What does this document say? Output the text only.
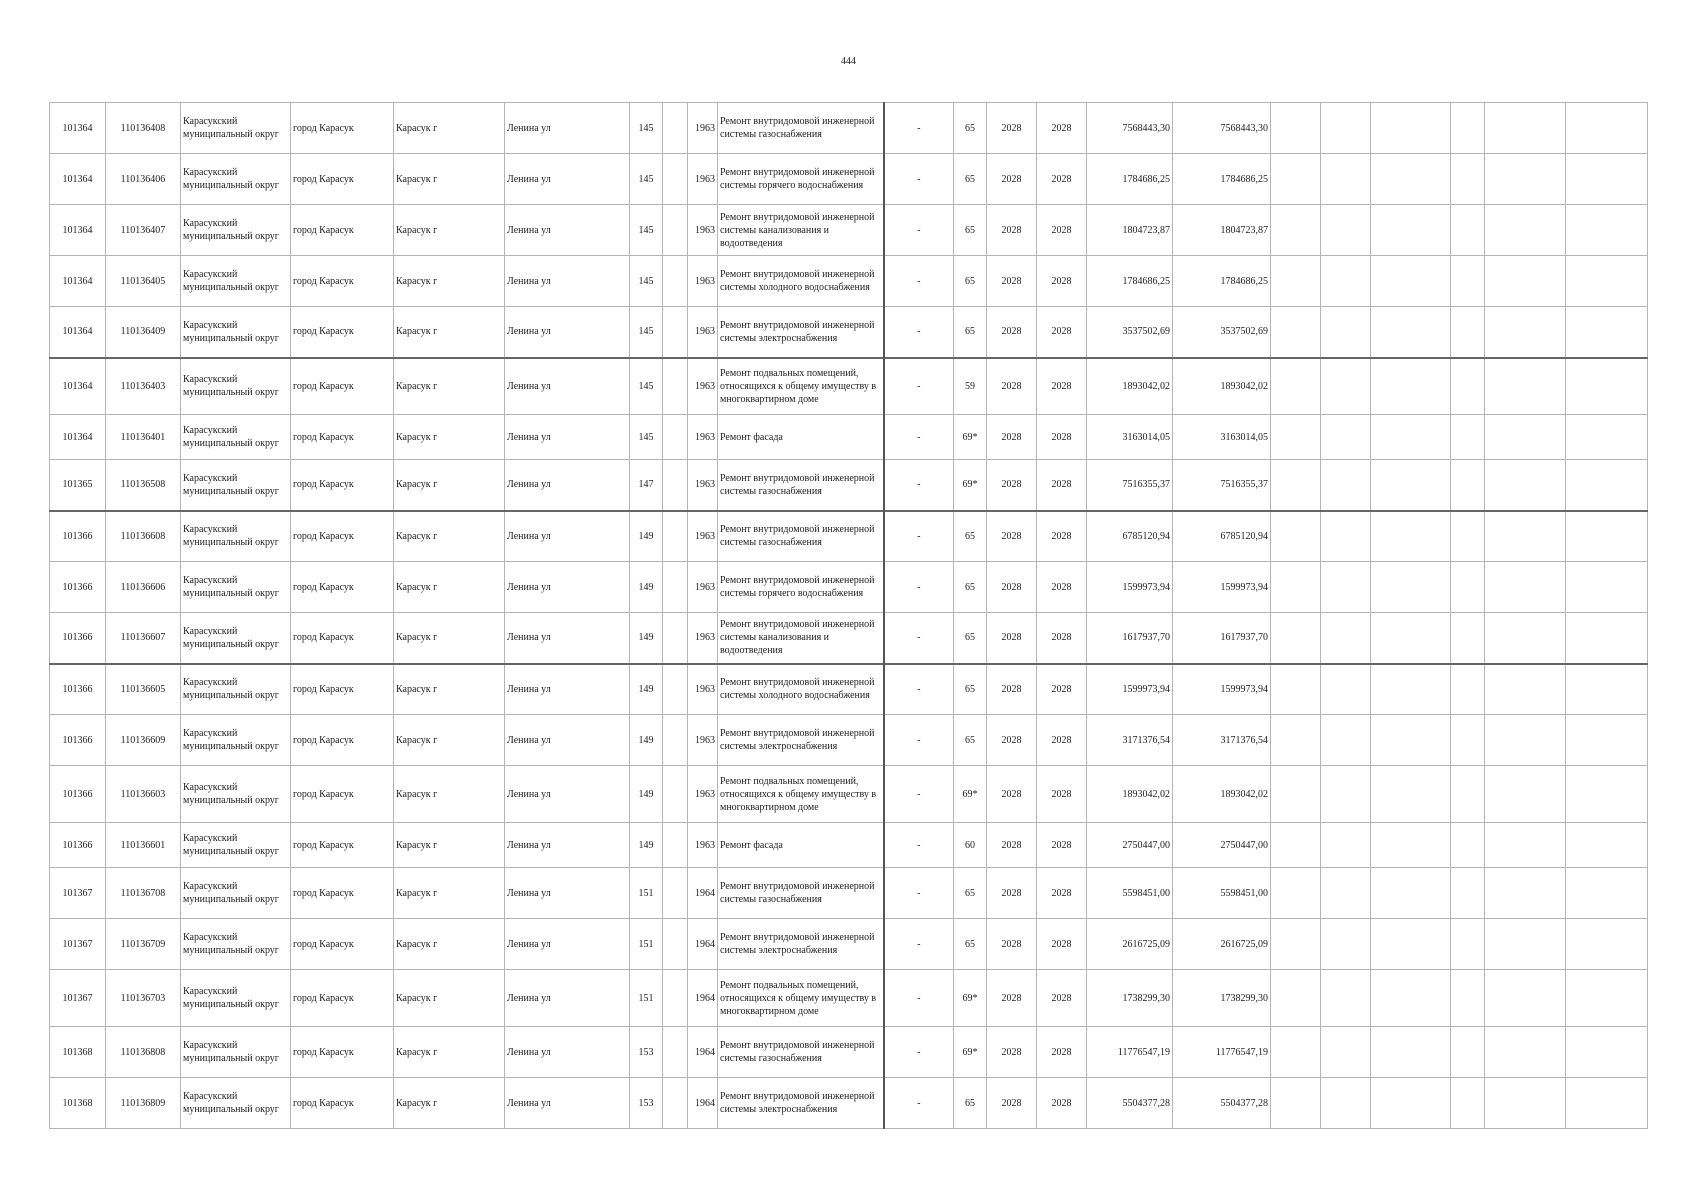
444
101364	110136408	Карасукский муниципальный округ	город Карасук	Карасук г	Ленина ул	145		1963	Ремонт внутридомовой инженерной системы газоснабжения	-	65	2028	2028	7568443,30	7568443,30						
101364	110136406	Карасукский муниципальный округ	город Карасук	Карасук г	Ленина ул	145		1963	Ремонт внутридомовой инженерной системы горячего водоснабжения	-	65	2028	2028	1784686,25	1784686,25						
101364	110136407	Карасукский муниципальный округ	город Карасук	Карасук г	Ленина ул	145		1963	Ремонт внутридомовой инженерной системы канализования и водоотведения	-	65	2028	2028	1804723,87	1804723,87						
101364	110136405	Карасукский муниципальный округ	город Карасук	Карасук г	Ленина ул	145		1963	Ремонт внутридомовой инженерной системы холодного водоснабжения	-	65	2028	2028	1784686,25	1784686,25						
101364	110136409	Карасукский муниципальный округ	город Карасук	Карасук г	Ленина ул	145		1963	Ремонт внутридомовой инженерной системы электроснабжения	-	65	2028	2028	3537502,69	3537502,69						
101364	110136403	Карасукский муниципальный округ	город Карасук	Карасук г	Ленина ул	145		1963	Ремонт подвальных помещений, относящихся к общему имуществу в многоквартирном доме	-	59	2028	2028	1893042,02	1893042,02						
101364	110136401	Карасукский муниципальный округ	город Карасук	Карасук г	Ленина ул	145		1963	Ремонт фасада	-	69*	2028	2028	3163014,05	3163014,05						
101365	110136508	Карасукский муниципальный округ	город Карасук	Карасук г	Ленина ул	147		1963	Ремонт внутридомовой инженерной системы газоснабжения	-	69*	2028	2028	7516355,37	7516355,37						
101366	110136608	Карасукский муниципальный округ	город Карасук	Карасук г	Ленина ул	149		1963	Ремонт внутридомовой инженерной системы газоснабжения	-	65	2028	2028	6785120,94	6785120,94						
101366	110136606	Карасукский муниципальный округ	город Карасук	Карасук г	Ленина ул	149		1963	Ремонт внутридомовой инженерной системы горячего водоснабжения	-	65	2028	2028	1599973,94	1599973,94						
101366	110136607	Карасукский муниципальный округ	город Карасук	Карасук г	Ленина ул	149		1963	Ремонт внутридомовой инженерной системы канализования и водоотведения	-	65	2028	2028	1617937,70	1617937,70						
101366	110136605	Карасукский муниципальный округ	город Карасук	Карасук г	Ленина ул	149		1963	Ремонт внутридомовой инженерной системы холодного водоснабжения	-	65	2028	2028	1599973,94	1599973,94						
101366	110136609	Карасукский муниципальный округ	город Карасук	Карасук г	Ленина ул	149		1963	Ремонт внутридомовой инженерной системы электроснабжения	-	65	2028	2028	3171376,54	3171376,54						
101366	110136603	Карасукский муниципальный округ	город Карасук	Карасук г	Ленина ул	149		1963	Ремонт подвальных помещений, относящихся к общему имуществу в многоквартирном доме	-	69*	2028	2028	1893042,02	1893042,02						
101366	110136601	Карасукский муниципальный округ	город Карасук	Карасук г	Ленина ул	149		1963	Ремонт фасада	-	60	2028	2028	2750447,00	2750447,00						
101367	110136708	Карасукский муниципальный округ	город Карасук	Карасук г	Ленина ул	151		1964	Ремонт внутридомовой инженерной системы газоснабжения	-	65	2028	2028	5598451,00	5598451,00						
101367	110136709	Карасукский муниципальный округ	город Карасук	Карасук г	Ленина ул	151		1964	Ремонт внутридомовой инженерной системы электроснабжения	-	65	2028	2028	2616725,09	2616725,09						
101367	110136703	Карасукский муниципальный округ	город Карасук	Карасук г	Ленина ул	151		1964	Ремонт подвальных помещений, относящихся к общему имуществу в многоквартирном доме	-	69*	2028	2028	1738299,30	1738299,30						
101368	110136808	Карасукский муниципальный округ	город Карасук	Карасук г	Ленина ул	153		1964	Ремонт внутридомовой инженерной системы газоснабжения	-	69*	2028	2028	11776547,19	11776547,19						
101368	110136809	Карасукский муниципальный округ	город Карасук	Карасук г	Ленина ул	153		1964	Ремонт внутридомовой инженерной системы электроснабжения	-	65	2028	2028	5504377,28	5504377,28						
